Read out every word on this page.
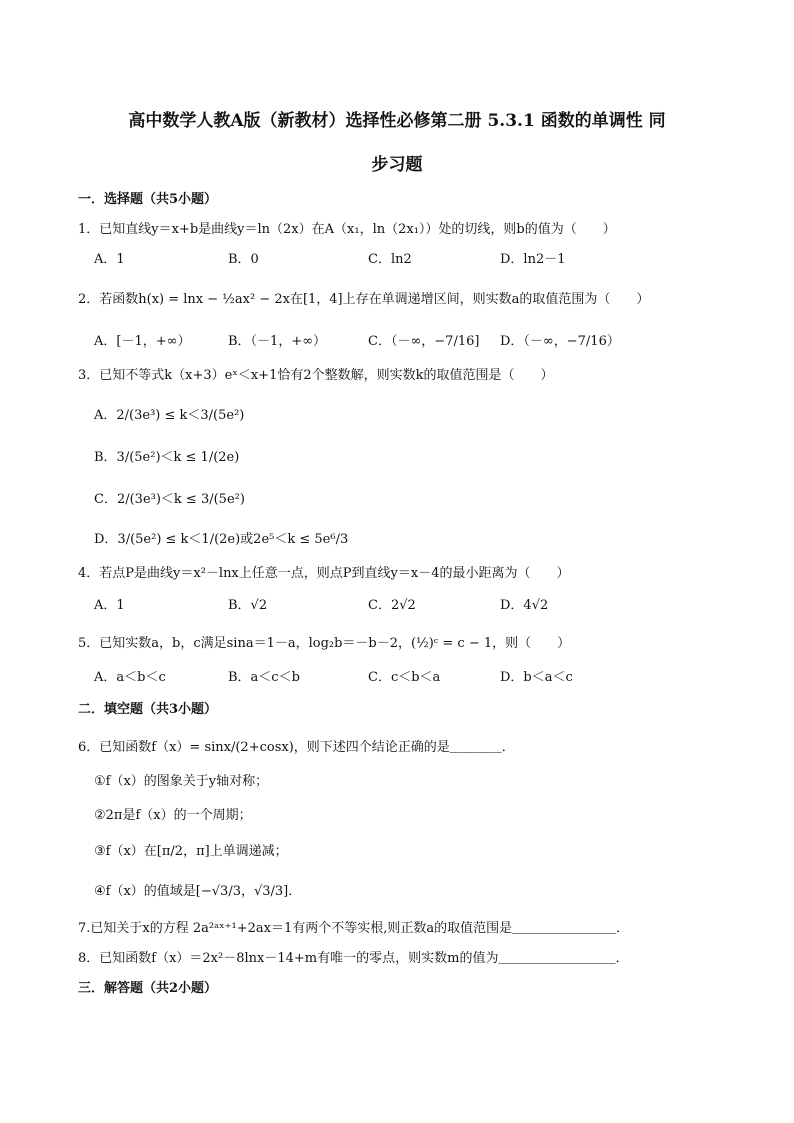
高中数学人教A版（新教材）选择性必修第二册 5.3.1 函数的单调性 同
步习题
一．选择题（共5小题）
1．已知直线y＝x+b是曲线y＝ln（2x）在A（x₁，ln（2x₁））处的切线，则b的值为（　　）
A．1	B．0	C．ln2	D．ln2－1
2．若函数h(x) = lnx − ½ax² − 2x在[1，4]上存在单调递增区间，则实数a的取值范围为（　　）
A．[－1，+∞）	B．（－1，+∞）	C．（－∞，−7/16] D．（－∞，−7/16）
3．已知不等式k（x+3）eˣ＜x+1恰有2个整数解，则实数k的取值范围是（　　）
A．2/(3e³) ≤ k＜3/(5e²)
B．3/(5e²)＜k ≤ 1/(2e)
C．2/(3e³)＜k ≤ 3/(5e²)
D．3/(5e²) ≤ k＜1/(2e)或2e⁵＜k ≤ 5e⁶/3
4．若点P是曲线y＝x²－lnx上任意一点，则点P到直线y＝x－4的最小距离为（　　）
A．1	B．√2	C．2√2	D．4√2
5．已知实数a，b，c满足sina＝1－a，log₂b＝－b－2，(½)ᶜ = c − 1，则（　　）
A．a＜b＜c	B．a＜c＜b	C．c＜b＜a	D．b＜a＜c
二．填空题（共3小题）
6．已知函数f（x）= sinx/(2+cosx)，则下述四个结论正确的是＿＿＿＿．
①f（x）的图象关于y轴对称；
②2π是f（x）的一个周期；
③f（x）在[π/2，π]上单调递减；
④f（x）的值域是[−√3/3，√3/3]．
7.已知关于x的方程 2a²ᵃˣ⁺¹+2ax＝1有两个不等实根,则正数a的取值范围是＿＿＿＿＿＿＿＿．
8．已知函数f（x）＝2x²－8lnx－14+m有唯一的零点，则实数m的值为＿＿＿＿＿＿＿＿＿．
三．解答题（共2小题）
